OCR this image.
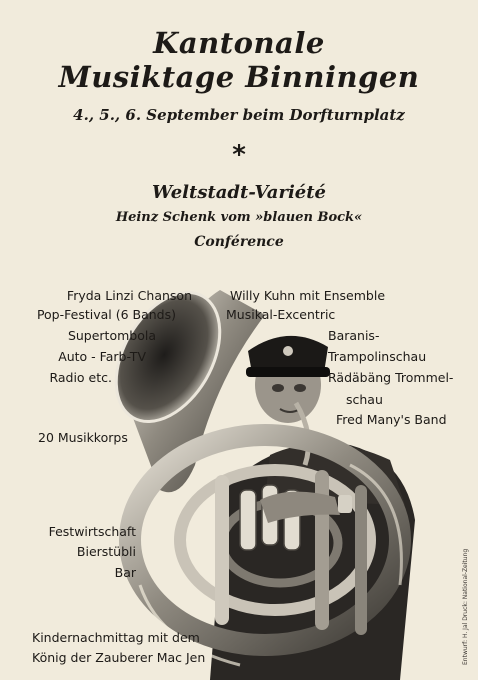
Kantonale
Musiktage Binningen
4., 5., 6. September beim Dorfturnplatz
*
Weltstadt-Variété
Heinz Schenk vom »blauen Bock«
Conférence
Fryda Linzi Chanson
Pop-Festival (6 Bands)
Supertombola
Auto - Farb-TV
Radio etc.
Willy Kuhn mit Ensemble
Musikal-Excentric
Baranis-
Trampolinschau
Rädäbäng Trommel-
schau
Fred Many's Band
20 Musikkorps
Festwirtschaft
Bierstübli
Bar
Kindernachmittag mit dem
König der Zauberer Mac Jen	Entwurf: H. Jal Druck: National-Zeitung
